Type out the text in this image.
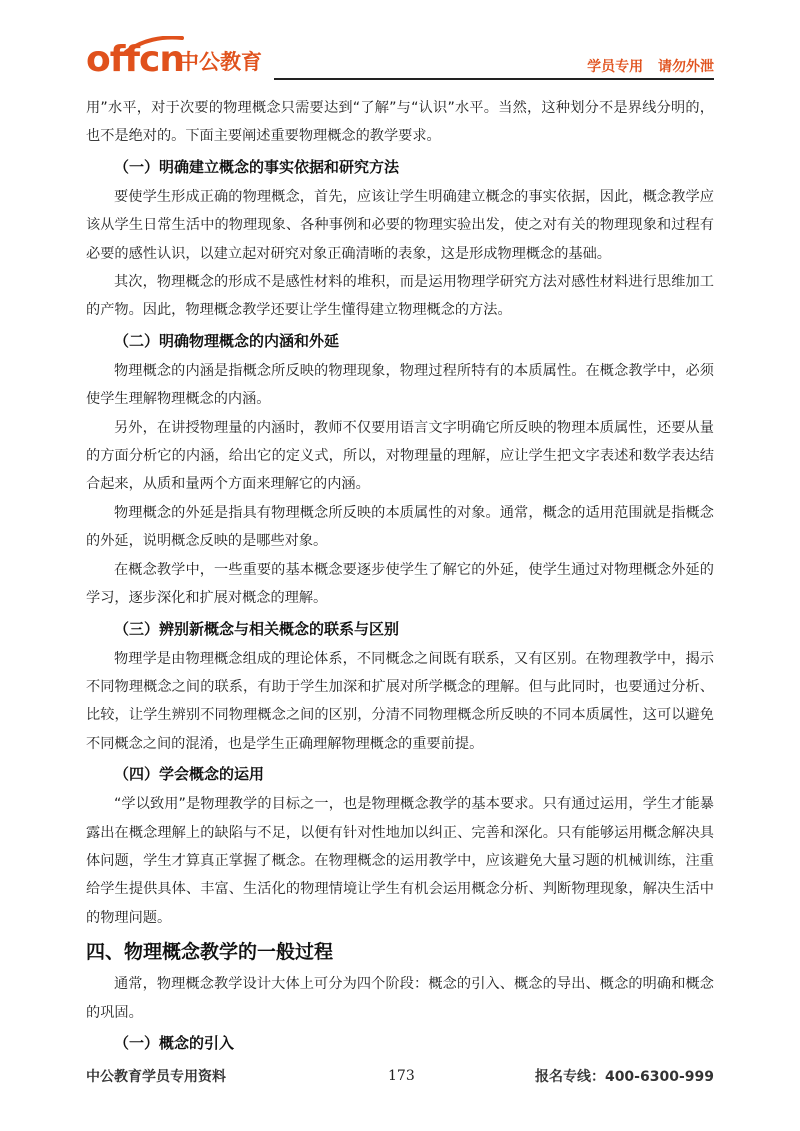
offcn
中公教育	学员专用 请勿外泄

用”水平，对于次要的物理概念只需要达到“了解”与“认识”水平。当然，这种划分不是界线分明的，也不是绝对的。下面主要阐述重要物理概念的教学要求。

（一）明确建立概念的事实依据和研究方法

要使学生形成正确的物理概念，首先，应该让学生明确建立概念的事实依据，因此，概念教学应该从学生日常生活中的物理现象、各种事例和必要的物理实验出发，使之对有关的物理现象和过程有必要的感性认识，以建立起对研究对象正确清晰的表象，这是形成物理概念的基础。

其次，物理概念的形成不是感性材料的堆积，而是运用物理学研究方法对感性材料进行思维加工的产物。因此，物理概念教学还要让学生懂得建立物理概念的方法。

（二）明确物理概念的内涵和外延

物理概念的内涵是指概念所反映的物理现象，物理过程所特有的本质属性。在概念教学中，必须使学生理解物理概念的内涵。

另外，在讲授物理量的内涵时，教师不仅要用语言文字明确它所反映的物理本质属性，还要从量的方面分析它的内涵，给出它的定义式，所以，对物理量的理解，应让学生把文字表述和数学表达结合起来，从质和量两个方面来理解它的内涵。

物理概念的外延是指具有物理概念所反映的本质属性的对象。通常，概念的适用范围就是指概念的外延，说明概念反映的是哪些对象。

在概念教学中，一些重要的基本概念要逐步使学生了解它的外延，使学生通过对物理概念外延的学习，逐步深化和扩展对概念的理解。

（三）辨别新概念与相关概念的联系与区别

物理学是由物理概念组成的理论体系，不同概念之间既有联系，又有区别。在物理教学中，揭示不同物理概念之间的联系，有助于学生加深和扩展对所学概念的理解。但与此同时，也要通过分析、比较，让学生辨别不同物理概念之间的区别，分清不同物理概念所反映的不同本质属性，这可以避免不同概念之间的混淆，也是学生正确理解物理概念的重要前提。

（四）学会概念的运用

“学以致用”是物理教学的目标之一，也是物理概念教学的基本要求。只有通过运用，学生才能暴露出在概念理解上的缺陷与不足，以便有针对性地加以纠正、完善和深化。只有能够运用概念解决具体问题，学生才算真正掌握了概念。在物理概念的运用教学中，应该避免大量习题的机械训练，注重给学生提供具体、丰富、生活化的物理情境让学生有机会运用概念分析、判断物理现象，解决生活中的物理问题。

四、物理概念教学的一般过程

通常，物理概念教学设计大体上可分为四个阶段：概念的引入、概念的导出、概念的明确和概念的巩固。

（一）概念的引入

中公教育学员专用资料	173	报名专线：400-6300-999
